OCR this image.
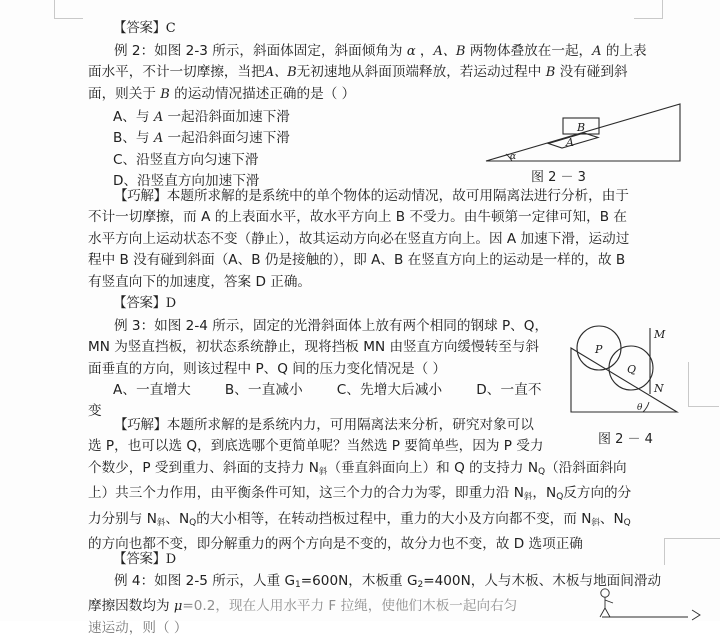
【答案】C

例 2：如图 2-3 所示，斜面体固定，斜面倾角为 α ，A、B 两物体叠放在一起，A 的上表

面水平，不计一切摩擦，当把A、B无初速地从斜面顶端释放，若运动过程中 B 没有碰到斜

面，则关于 B 的运动情况描述正确的是（ ）

A、与 A 一起沿斜面加速下滑

B、与 A 一起沿斜面匀速下滑

C、沿竖直方向匀速下滑

D、沿竖直方向加速下滑

α
A
B
图 2 － 3

【巧解】本题所求解的是系统中的单个物体的运动情况，故可用隔离法进行分析，由于

不计一切摩擦，而 A 的上表面水平，故水平方向上 B 不受力。由牛顿第一定律可知，B 在

水平方向上运动状态不变（静止），故其运动方向必在竖直方向上。因 A 加速下滑，运动过

程中 B 没有碰到斜面（A、B 仍是接触的），即 A、B 在竖直方向上的运动是一样的，故 B

有竖直向下的加速度，答案 D 正确。

【答案】D

例 3：如图 2-4 所示，固定的光滑斜面体上放有两个相同的钢球 P、Q，

MN 为竖直挡板，初状态系统静止，现将挡板 MN 由竖直方向缓慢转至与斜

面垂直的方向，则该过程中 P、Q 间的压力变化情况是（ ）

A、一直增大	B、一直减小	C、先增大后减小	D、一直不
变
M
N
θ
P
Q
图 2 － 4

【巧解】本题所求解的是系统内力，可用隔离法来分析，研究对象可以

选 P，也可以选 Q，到底选哪个更简单呢？当然选 P 要简单些，因为 P 受力

个数少，P 受到重力、斜面的支持力 N斜（垂直斜面向上）和 Q 的支持力 $N_Q$（沿斜面斜向

上）共三个力作用，由平衡条件可知，这三个力的合力为零，即重力沿 N斜，$N_Q$反方向的分

力分别与 N斜、$N_Q$的大小相等，在转动挡板过程中，重力的大小及方向都不变，而 N斜、$N_Q$

的方向也都不变，即分解重力的两个方向是不变的，故分力也不变，故 D 选项正确

【答案】D

例 4：如图 2-5 所示，人重 $G_1=600N$，木板重 $G_2=400N$，人与木板、木板与地面间滑动

摩擦因数均为 μ=0.2，现在人用水平力 F 拉绳，使他们木板一起向右匀

速运动，则（ ）
